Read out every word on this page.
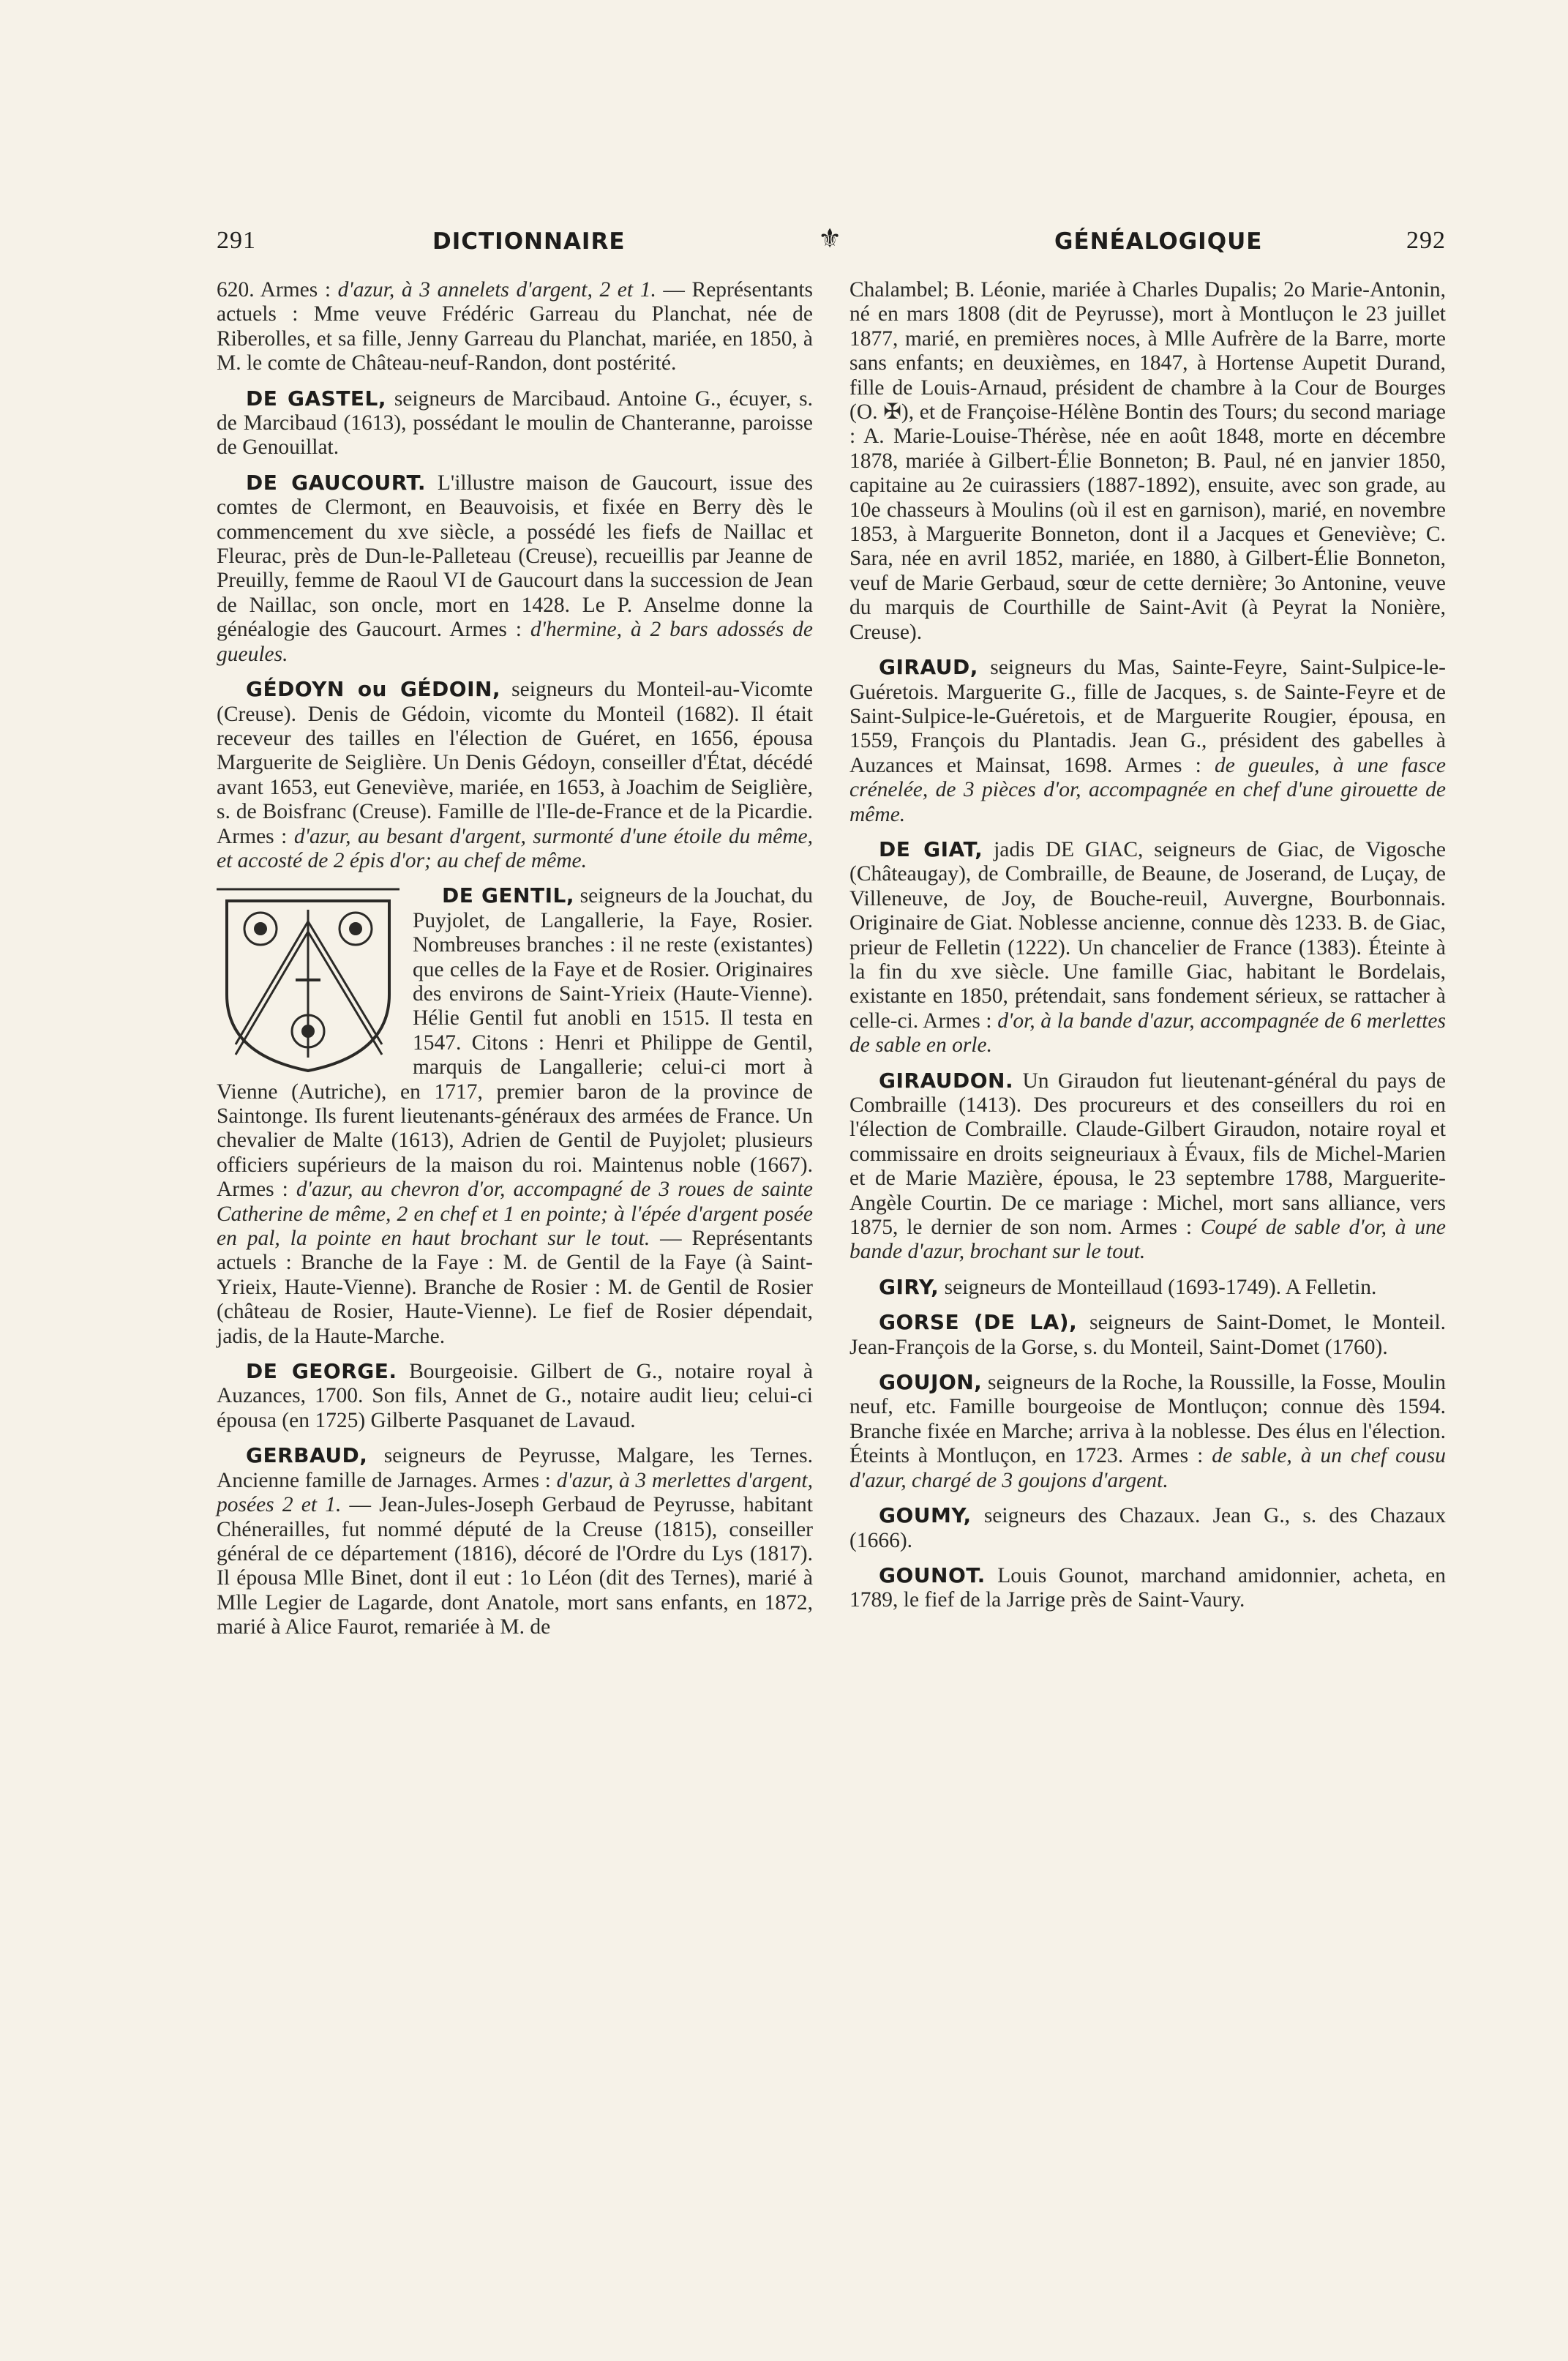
291	DICTIONNAIRE	⚜	GÉNÉALOGIQUE	292

620. Armes : d'azur, à 3 annelets d'argent, 2 et 1. — Représentants actuels : Mme veuve Frédéric Garreau du Planchat, née de Riberolles, et sa fille, Jenny Garreau du Planchat, mariée, en 1850, à M. le comte de Château-neuf-Randon, dont postérité.

DE GASTEL, seigneurs de Marcibaud. Antoine G., écuyer, s. de Marcibaud (1613), possédant le moulin de Chanteranne, paroisse de Genouillat.

DE GAUCOURT. L'illustre maison de Gaucourt, issue des comtes de Clermont, en Beauvoisis, et fixée en Berry dès le commencement du xve siècle, a possédé les fiefs de Naillac et Fleurac, près de Dun-le-Palleteau (Creuse), recueillis par Jeanne de Preuilly, femme de Raoul VI de Gaucourt dans la succession de Jean de Naillac, son oncle, mort en 1428. Le P. Anselme donne la généalogie des Gaucourt. Armes : d'hermine, à 2 bars adossés de gueules.

GÉDOYN ou GÉDOIN, seigneurs du Monteil-au-Vicomte (Creuse). Denis de Gédoin, vicomte du Monteil (1682). Il était receveur des tailles en l'élection de Guéret, en 1656, épousa Marguerite de Seiglière. Un Denis Gédoyn, conseiller d'État, décédé avant 1653, eut Geneviève, mariée, en 1653, à Joachim de Seiglière, s. de Boisfranc (Creuse). Famille de l'Ile-de-France et de la Picardie. Armes : d'azur, au besant d'argent, surmonté d'une étoile du même, et accosté de 2 épis d'or; au chef de même.

DE GENTIL, seigneurs de la Jouchat, du Puyjolet, de Langallerie, la Faye, Rosier. Nombreuses branches : il ne reste (existantes) que celles de la Faye et de Rosier. Originaires des environs de Saint-Yrieix (Haute-Vienne). Hélie Gentil fut anobli en 1515. Il testa en 1547. Citons : Henri et Philippe de Gentil, marquis de Langallerie; celui-ci mort à Vienne (Autriche), en 1717, premier baron de la province de Saintonge. Ils furent lieutenants-généraux des armées de France. Un chevalier de Malte (1613), Adrien de Gentil de Puyjolet; plusieurs officiers supérieurs de la maison du roi. Maintenus noble (1667). Armes : d'azur, au chevron d'or, accompagné de 3 roues de sainte Catherine de même, 2 en chef et 1 en pointe; à l'épée d'argent posée en pal, la pointe en haut brochant sur le tout. — Représentants actuels : Branche de la Faye : M. de Gentil de la Faye (à Saint-Yrieix, Haute-Vienne). Branche de Rosier : M. de Gentil de Rosier (château de Rosier, Haute-Vienne). Le fief de Rosier dépendait, jadis, de la Haute-Marche.

DE GEORGE. Bourgeoisie. Gilbert de G., notaire royal à Auzances, 1700. Son fils, Annet de G., notaire audit lieu; celui-ci épousa (en 1725) Gilberte Pasquanet de Lavaud.

GERBAUD, seigneurs de Peyrusse, Malgare, les Ternes. Ancienne famille de Jarnages. Armes : d'azur, à 3 merlettes d'argent, posées 2 et 1. — Jean-Jules-Joseph Gerbaud de Peyrusse, habitant Chénerailles, fut nommé député de la Creuse (1815), conseiller général de ce département (1816), décoré de l'Ordre du Lys (1817). Il épousa Mlle Binet, dont il eut : 1o Léon (dit des Ternes), marié à Mlle Legier de Lagarde, dont Anatole, mort sans enfants, en 1872, marié à Alice Faurot, remariée à M. de

Chalambel; B. Léonie, mariée à Charles Dupalis; 2o Marie-Antonin, né en mars 1808 (dit de Peyrusse), mort à Montluçon le 23 juillet 1877, marié, en premières noces, à Mlle Aufrère de la Barre, morte sans enfants; en deuxièmes, en 1847, à Hortense Aupetit Durand, fille de Louis-Arnaud, président de chambre à la Cour de Bourges (O. ✠), et de Françoise-Hélène Bontin des Tours; du second mariage : A. Marie-Louise-Thérèse, née en août 1848, morte en décembre 1878, mariée à Gilbert-Élie Bonneton; B. Paul, né en janvier 1850, capitaine au 2e cuirassiers (1887-1892), ensuite, avec son grade, au 10e chasseurs à Moulins (où il est en garnison), marié, en novembre 1853, à Marguerite Bonneton, dont il a Jacques et Geneviève; C. Sara, née en avril 1852, mariée, en 1880, à Gilbert-Élie Bonneton, veuf de Marie Gerbaud, sœur de cette dernière; 3o Antonine, veuve du marquis de Courthille de Saint-Avit (à Peyrat la Nonière, Creuse).

GIRAUD, seigneurs du Mas, Sainte-Feyre, Saint-Sulpice-le-Guéretois. Marguerite G., fille de Jacques, s. de Sainte-Feyre et de Saint-Sulpice-le-Guéretois, et de Marguerite Rougier, épousa, en 1559, François du Plantadis. Jean G., président des gabelles à Auzances et Mainsat, 1698. Armes : de gueules, à une fasce crénelée, de 3 pièces d'or, accompagnée en chef d'une girouette de même.

DE GIAT, jadis DE GIAC, seigneurs de Giac, de Vigosche (Châteaugay), de Combraille, de Beaune, de Joserand, de Luçay, de Villeneuve, de Joy, de Bouche-reuil, Auvergne, Bourbonnais. Originaire de Giat. Noblesse ancienne, connue dès 1233. B. de Giac, prieur de Felletin (1222). Un chancelier de France (1383). Éteinte à la fin du xve siècle. Une famille Giac, habitant le Bordelais, existante en 1850, prétendait, sans fondement sérieux, se rattacher à celle-ci. Armes : d'or, à la bande d'azur, accompagnée de 6 merlettes de sable en orle.

GIRAUDON. Un Giraudon fut lieutenant-général du pays de Combraille (1413). Des procureurs et des conseillers du roi en l'élection de Combraille. Claude-Gilbert Giraudon, notaire royal et commissaire en droits seigneuriaux à Évaux, fils de Michel-Marien et de Marie Mazière, épousa, le 23 septembre 1788, Marguerite-Angèle Courtin. De ce mariage : Michel, mort sans alliance, vers 1875, le dernier de son nom. Armes : Coupé de sable d'or, à une bande d'azur, brochant sur le tout.

GIRY, seigneurs de Monteillaud (1693-1749). A Felletin.

GORSE (DE LA), seigneurs de Saint-Domet, le Monteil. Jean-François de la Gorse, s. du Monteil, Saint-Domet (1760).

GOUJON, seigneurs de la Roche, la Roussille, la Fosse, Moulin neuf, etc. Famille bourgeoise de Montluçon; connue dès 1594. Branche fixée en Marche; arriva à la noblesse. Des élus en l'élection. Éteints à Montluçon, en 1723. Armes : de sable, à un chef cousu d'azur, chargé de 3 goujons d'argent.

GOUMY, seigneurs des Chazaux. Jean G., s. des Chazaux (1666).

GOUNOT. Louis Gounot, marchand amidonnier, acheta, en 1789, le fief de la Jarrige près de Saint-Vaury.
